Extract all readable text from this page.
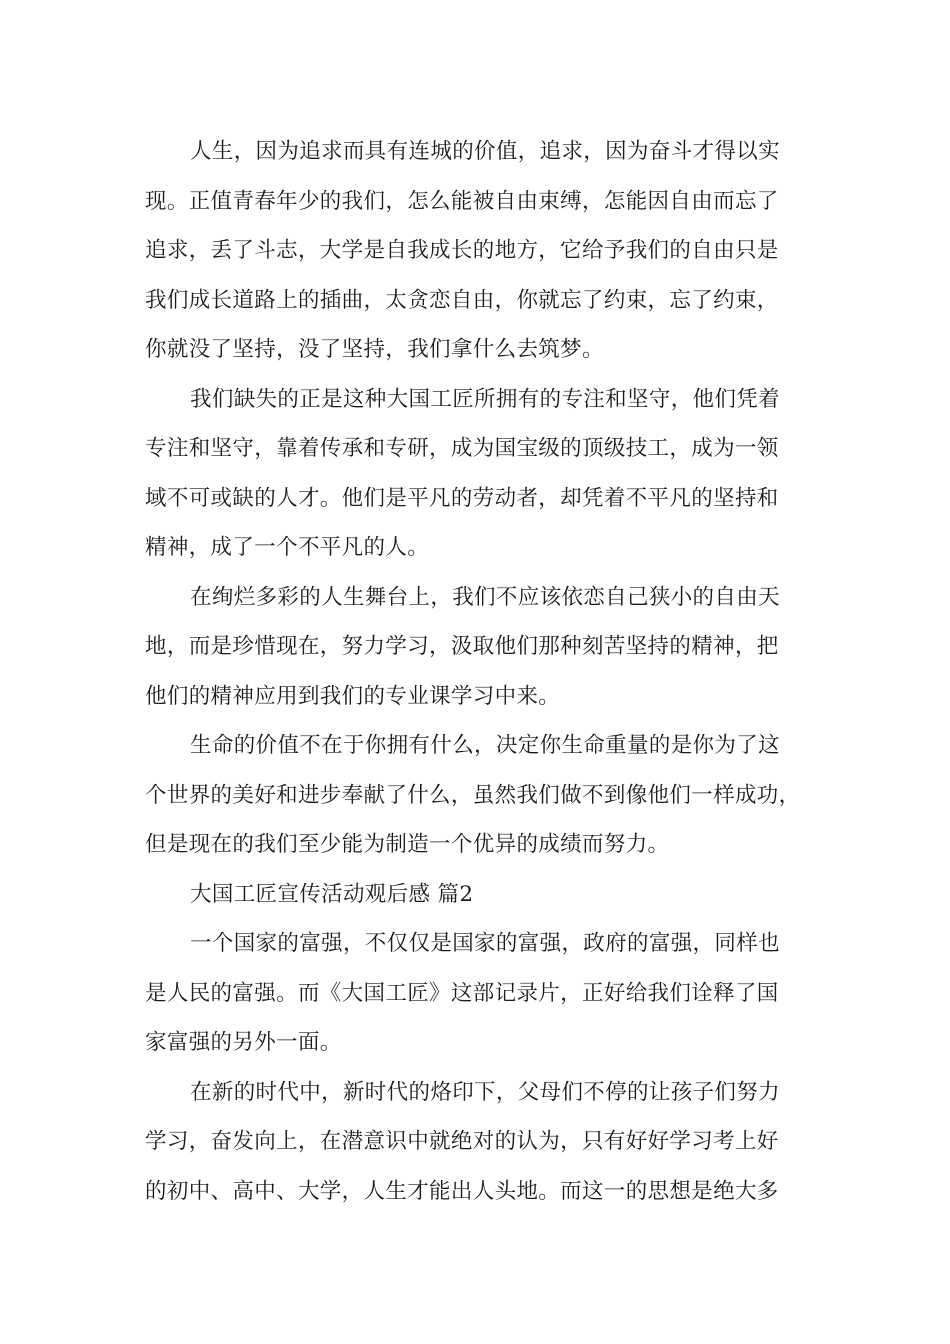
人生，因为追求而具有连城的价值，追求，因为奋斗才得以实

现。正值青春年少的我们，怎么能被自由束缚，怎能因自由而忘了

追求，丢了斗志，大学是自我成长的地方，它给予我们的自由只是

我们成长道路上的插曲，太贪恋自由，你就忘了约束，忘了约束，

你就没了坚持，没了坚持，我们拿什么去筑梦。

我们缺失的正是这种大国工匠所拥有的专注和坚守，他们凭着

专注和坚守，靠着传承和专研，成为国宝级的顶级技工，成为一领

域不可或缺的人才。他们是平凡的劳动者，却凭着不平凡的坚持和

精神，成了一个不平凡的人。

在绚烂多彩的人生舞台上，我们不应该依恋自己狭小的自由天

地，而是珍惜现在，努力学习，汲取他们那种刻苦坚持的精神，把

他们的精神应用到我们的专业课学习中来。

生命的价值不在于你拥有什么，决定你生命重量的是你为了这

个世界的美好和进步奉献了什么，虽然我们做不到像他们一样成功，

但是现在的我们至少能为制造一个优异的成绩而努力。

大国工匠宣传活动观后感 篇2

一个国家的富强，不仅仅是国家的富强，政府的富强，同样也

是人民的富强。而《大国工匠》这部记录片，正好给我们诠释了国

家富强的另外一面。

在新的时代中，新时代的烙印下，父母们不停的让孩子们努力

学习，奋发向上，在潜意识中就绝对的认为，只有好好学习考上好

的初中、高中、大学，人生才能出人头地。而这一的思想是绝大多
